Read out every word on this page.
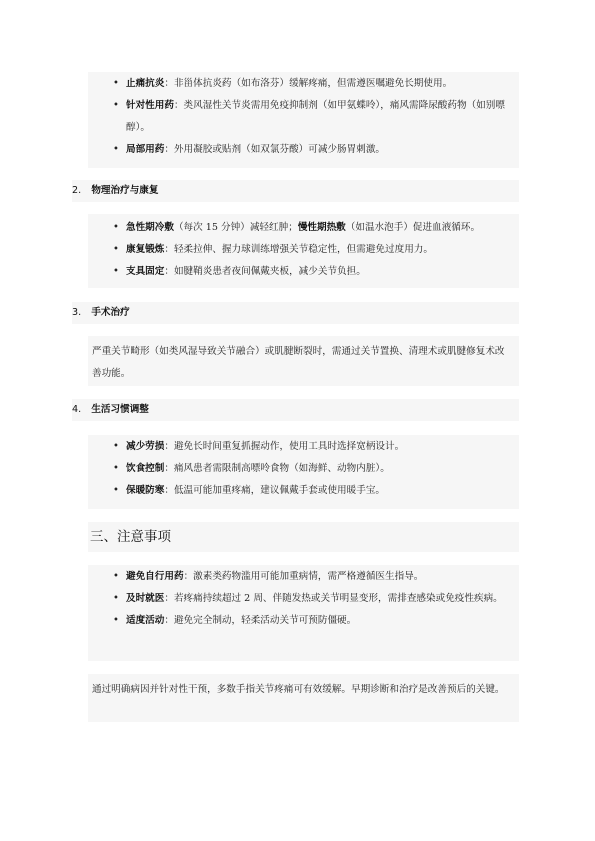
• 止痛抗炎：非甾体抗炎药（如布洛芬）缓解疼痛，但需遵医嘱避免长期使用。
• 针对性用药：类风湿性关节炎需用免疫抑制剂（如甲氨蝶呤），痛风需降尿酸药物（如别嘌醇）。
• 局部用药：外用凝胶或贴剂（如双氯芬酸）可减少肠胃刺激。
2. 物理治疗与康复
• 急性期冷敷（每次 15 分钟）减轻红肿；慢性期热敷（如温水泡手）促进血液循环。
• 康复锻炼：轻柔拉伸、握力球训练增强关节稳定性，但需避免过度用力。
• 支具固定：如腱鞘炎患者夜间佩戴夹板，减少关节负担。
3. 手术治疗
严重关节畸形（如类风湿导致关节融合）或肌腱断裂时，需通过关节置换、清理术或肌腱修复术改善功能。
4. 生活习惯调整
• 减少劳损：避免长时间重复抓握动作，使用工具时选择宽柄设计。
• 饮食控制：痛风患者需限制高嘌呤食物（如海鲜、动物内脏）。
• 保暖防寒：低温可能加重疼痛，建议佩戴手套或使用暖手宝。
三、注意事项
• 避免自行用药：激素类药物滥用可能加重病情，需严格遵循医生指导。
• 及时就医：若疼痛持续超过 2 周、伴随发热或关节明显变形，需排查感染或免疫性疾病。
• 适度活动：避免完全制动，轻柔活动关节可预防僵硬。
通过明确病因并针对性干预，多数手指关节疼痛可有效缓解。早期诊断和治疗是改善预后的关键。
